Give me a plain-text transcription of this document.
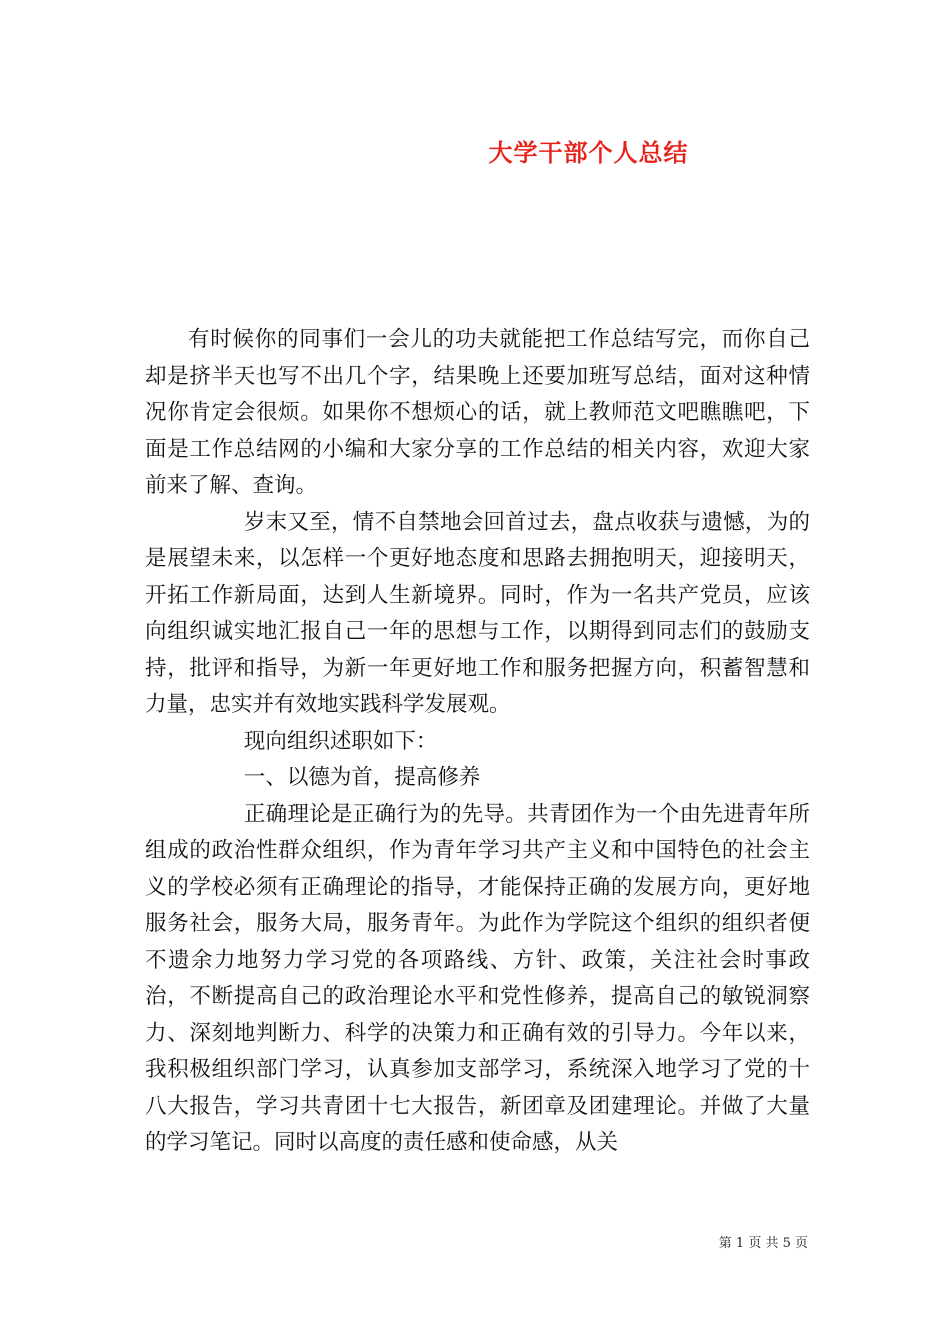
大学干部个人总结

有时候你的同事们一会儿的功夫就能把工作总结写完，而你自己却是挤半天也写不出几个字，结果晚上还要加班写总结，面对这种情况你肯定会很烦。如果你不想烦心的话，就上教师范文吧瞧瞧吧，下面是工作总结网的小编和大家分享的工作总结的相关内容，欢迎大家前来了解、查询。

岁末又至，情不自禁地会回首过去，盘点收获与遗憾，为的是展望未来，以怎样一个更好地态度和思路去拥抱明天，迎接明天，开拓工作新局面，达到人生新境界。同时，作为一名共产党员，应该向组织诚实地汇报自己一年的思想与工作，以期得到同志们的鼓励支持，批评和指导，为新一年更好地工作和服务把握方向，积蓄智慧和力量，忠实并有效地实践科学发展观。

现向组织述职如下：

一、以德为首，提高修养

正确理论是正确行为的先导。共青团作为一个由先进青年所组成的政治性群众组织，作为青年学习共产主义和中国特色的社会主义的学校必须有正确理论的指导，才能保持正确的发展方向，更好地服务社会，服务大局，服务青年。为此作为学院这个组织的组织者便不遗余力地努力学习党的各项路线、方针、政策，关注社会时事政治，不断提高自己的政治理论水平和党性修养，提高自己的敏锐洞察力、深刻地判断力、科学的决策力和正确有效的引导力。今年以来，我积极组织部门学习，认真参加支部学习，系统深入地学习了党的十八大报告，学习共青团十七大报告，新团章及团建理论。并做了大量的学习笔记。同时以高度的责任感和使命感，从关

第 1 页 共 5 页
